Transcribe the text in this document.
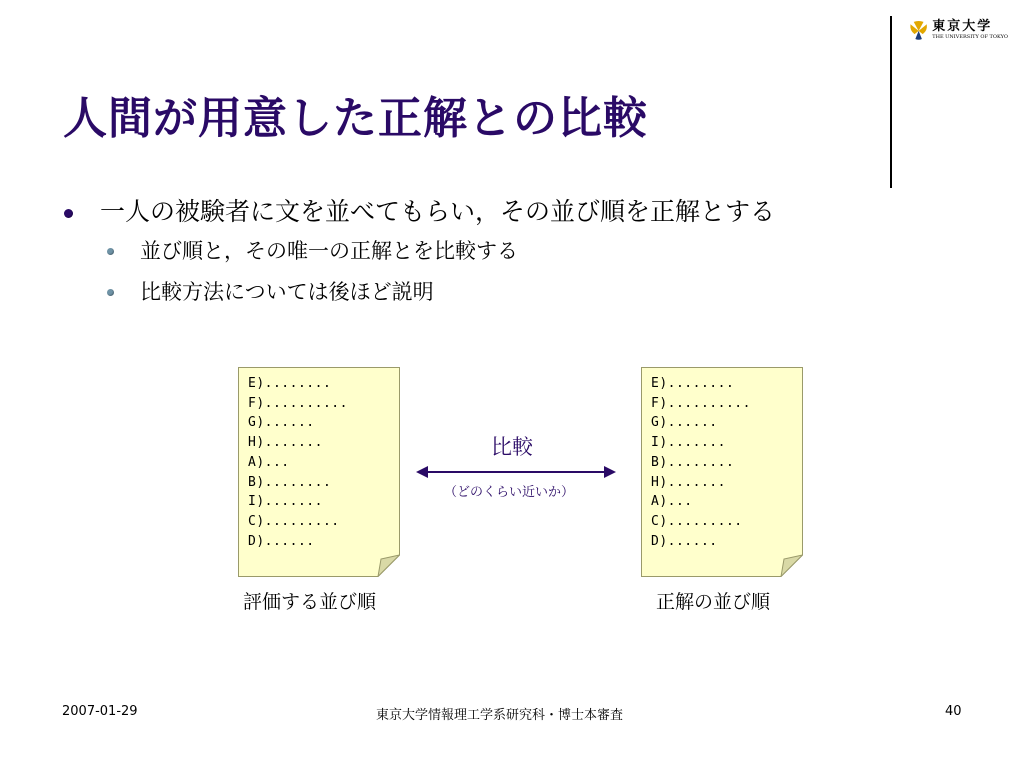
東京大学
THE UNIVERSITY OF TOKYO
人間が用意した正解との比較
一人の被験者に文を並べてもらい，その並び順を正解とする
並び順と，その唯一の正解とを比較する
比較方法については後ほど説明
E)........
F)..........
G)......
H).......
A)...
B)........
I).......
C).........
D)......
評価する並び順
E)........
F)..........
G)......
I).......
B)........
H).......
A)...
C).........
D)......
正解の並び順
比較
（どのくらい近いか）
2007-01-29	東京大学情報理工学系研究科・博士本審査	40
